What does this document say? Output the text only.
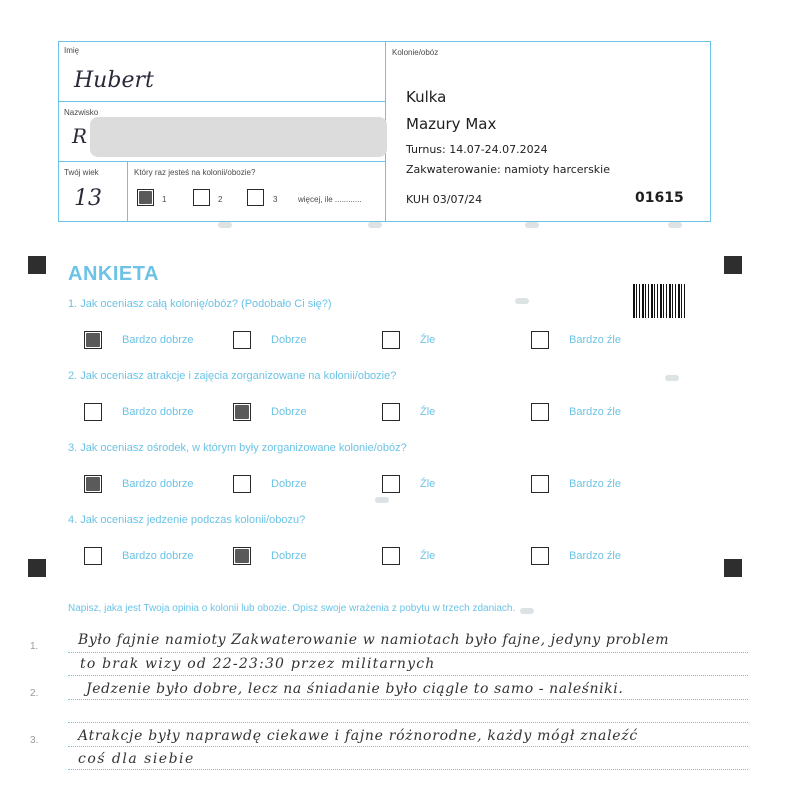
Imię
Hubert
Nazwisko
R
Twój wiek
13
Który raz jesteś na kolonii/obozie?
1	2	3	więcej, ile ............
Kolonie/obóz
Kulka
Mazury Max
Turnus: 14.07-24.07.2024
Zakwaterowanie: namioty harcerskie
KUH 03/07/24	01615
ANKIETA
1. Jak oceniasz całą kolonię/obóz? (Podobało Ci się?)
Bardzo dobrze	Dobrze	Źle	Bardzo źle
2. Jak oceniasz atrakcje i zajęcia zorganizowane na kolonii/obozie?
Bardzo dobrze	Dobrze	Źle	Bardzo źle
3. Jak oceniasz ośrodek, w którym były zorganizowane kolonie/obóz?
Bardzo dobrze	Dobrze	Źle	Bardzo źle
4. Jak oceniasz jedzenie podczas kolonii/obozu?
Bardzo dobrze	Dobrze	Źle	Bardzo źle
Napisz, jaka jest Twoja opinia o kolonii lub obozie. Opisz swoje wrażenia z pobytu w trzech zdaniach.
1.
2.
3.
Było fajnie namioty Zakwaterowanie w namiotach było fajne, jedyny problem
to brak wizy od 22-23:30 przez militarnych
Jedzenie było dobre, lecz na śniadanie było ciągle to samo - naleśniki.
Atrakcje były naprawdę ciekawe i fajne różnorodne, każdy mógł znaleźć
coś dla siebie
